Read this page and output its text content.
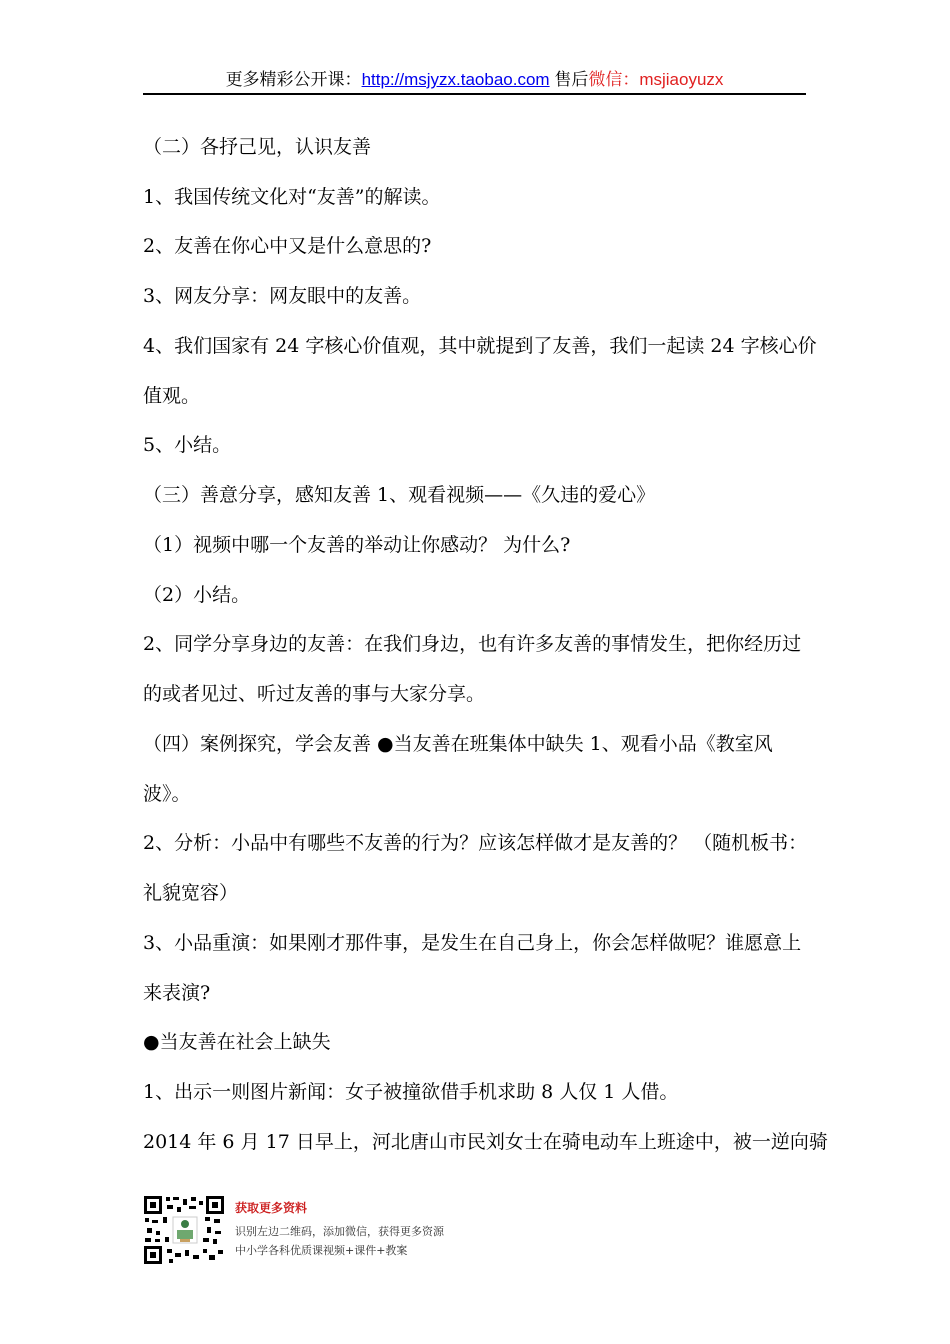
更多精彩公开课：http://msjyzx.taobao.com 售后微信：msjiaoyuzx
（二）各抒己见，认识友善
1、我国传统文化对“友善”的解读。
2、友善在你心中又是什么意思的?
3、网友分享：网友眼中的友善。
4、我们国家有 24 字核心价值观，其中就提到了友善，我们一起读 24 字核心价
值观。
5、小结。
（三）善意分享，感知友善 1、观看视频——《久违的爱心》
（1）视频中哪一个友善的举动让你感动？ 为什么?
（2）小结。
2、同学分享身边的友善：在我们身边，也有许多友善的事情发生，把你经历过
的或者见过、听过友善的事与大家分享。
（四）案例探究，学会友善 ●当友善在班集体中缺失 1、观看小品《教室风
波》。
2、分析：小品中有哪些不友善的行为？应该怎样做才是友善的？ （随机板书：
礼貌宽容）
3、小品重演：如果刚才那件事，是发生在自己身上，你会怎样做呢？谁愿意上
来表演?
●当友善在社会上缺失
1、出示一则图片新闻：女子被撞欲借手机求助 8 人仅 1 人借。
2014 年 6 月 17 日早上，河北唐山市民刘女士在骑电动车上班途中，被一逆向骑
获取更多资料
识别左边二维码，添加微信，获得更多资源
中小学各科优质课视频+课件+教案
